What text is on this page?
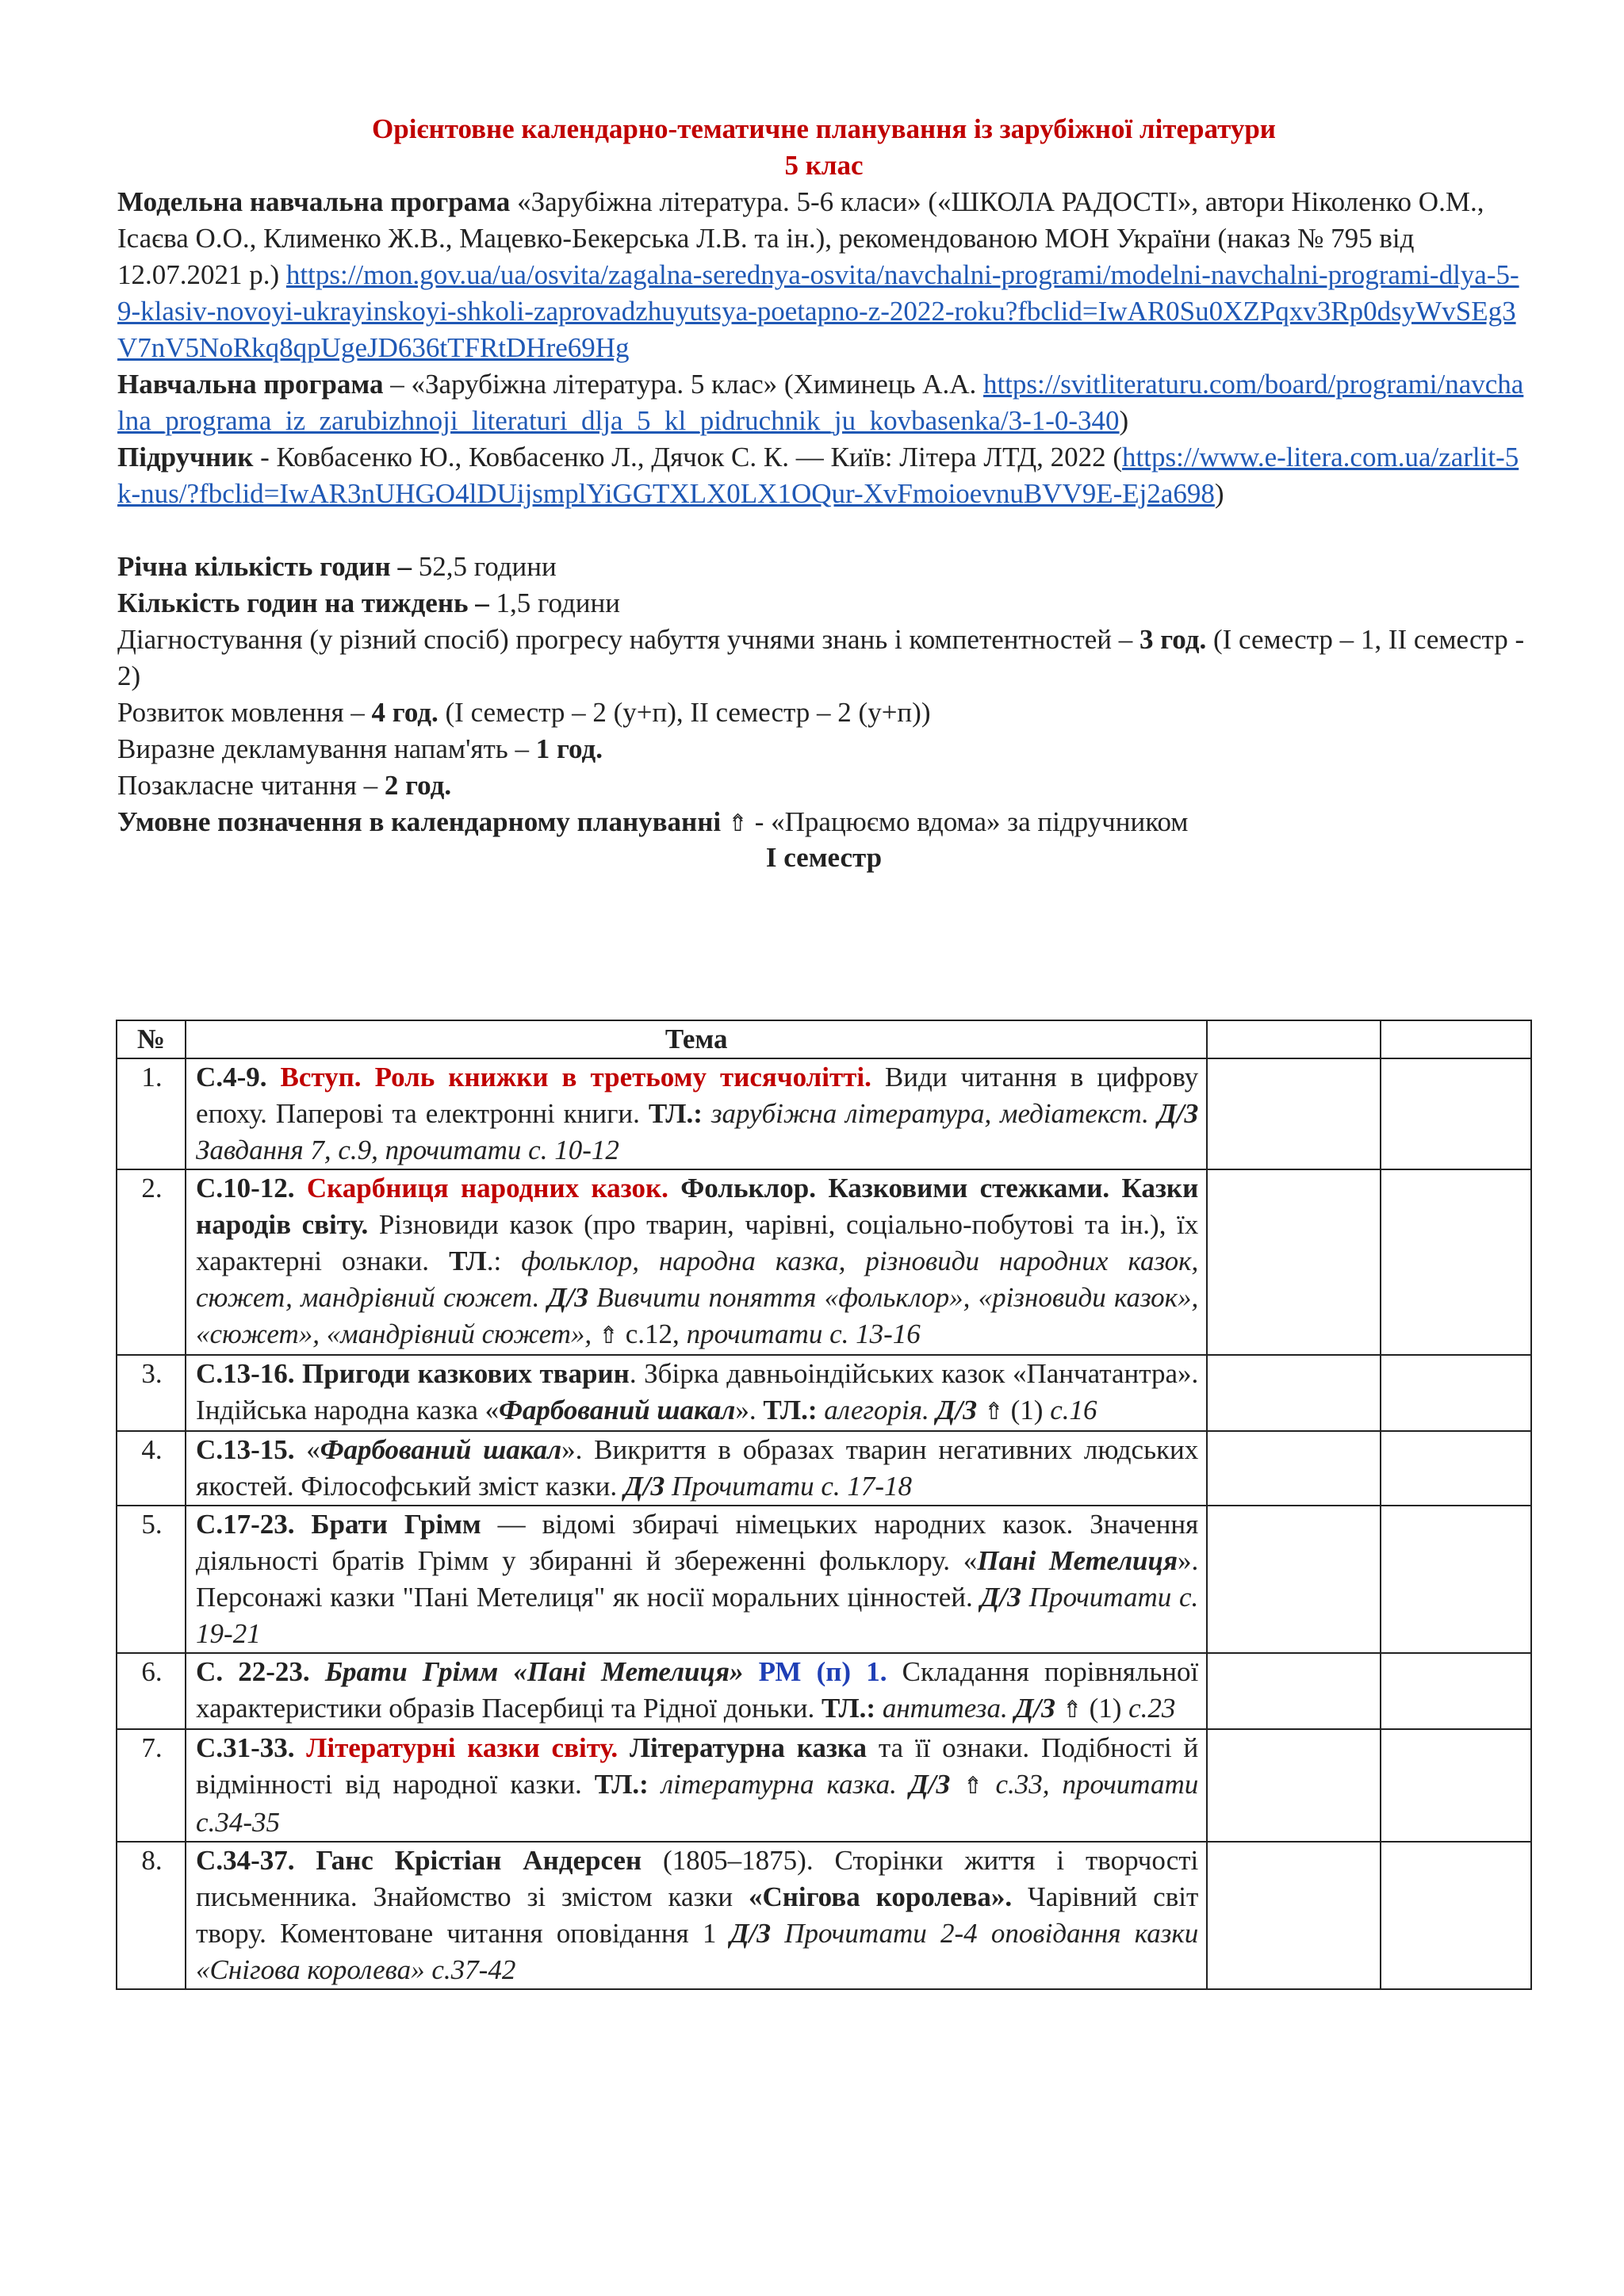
Орієнтовне календарно-тематичне планування із зарубіжної літератури
5 клас

Модельна навчальна програма «Зарубіжна література. 5-6 класи» («ШКОЛА РАДОСТІ», автори Ніколенко О.М., Ісаєва О.О., Клименко Ж.В., Мацевко-Бекерська Л.В. та ін.), рекомендованою МОН України (наказ № 795 від 12.07.2021 р.) https://mon.gov.ua/ua/osvita/zagalna-serednya-osvita/navchalni-programi/modelni-navchalni-programi-dlya-5-9-klasiv-novoyi-ukrayinskoyi-shkoli-zaprovadzhuyutsya-poetapno-z-2022-roku?fbclid=IwAR0Su0XZPqxv3Rp0dsyWvSEg3V7nV5NoRkq8qpUgeJD636tTFRtDHre69Hg

Навчальна програма – «Зарубіжна література. 5 клас» (Химинець А.А. https://svitliteraturu.com/board/programi/navchalna_programa_iz_zarubizhnoji_literaturi_dlja_5_kl_pidruchnik_ju_kovbasenka/3-1-0-340)

Підручник - Ковбасенко Ю., Ковбасенко Л., Дячок С. К. — Київ: Літера ЛТД, 2022 (https://www.e-litera.com.ua/zarlit-5k-nus/?fbclid=IwAR3nUHGO4lDUijsmplYiGGTXLX0LX1OQur-XvFmoioevnuBVV9E-Ej2a698)

Річна кількість годин – 52,5 години

Кількість годин на тиждень – 1,5 години

Діагностування (у різний спосіб) прогресу набуття учнями знань і компетентностей – 3 год. (I семестр – 1, II семестр - 2)

Розвиток мовлення – 4 год. (I семестр – 2 (у+п), II семестр – 2 (у+п))

Виразне декламування напам'ять – 1 год.

Позакласне читання – 2 год.

Умовне позначення в календарному плануванні ⇮ - «Працюємо вдома» за підручником

І семестр
№	Тема		
1.	С.4-9. Вступ. Роль книжки в третьому тисячолітті. Види читання в цифрову епоху. Паперові та електронні книги. ТЛ.: зарубіжна література, медіатекст. Д/З Завдання 7, с.9, прочитати с. 10-12		
2.	С.10-12. Скарбниця народних казок. Фольклор. Казковими стежками. Казки народів світу. Різновиди казок (про тварин, чарівні, соціально-побутові та ін.), їх характерні ознаки. ТЛ.: фольклор, народна казка, різновиди народних казок, сюжет, мандрівний сюжет. Д/З Вивчити поняття «фольклор», «різновиди казок», «сюжет», «мандрівний сюжет», ⇮ с.12, прочитати с. 13-16		
3.	С.13-16. Пригоди казкових тварин. Збірка давньоіндійських казок «Панчатантра». Індійська народна казка «Фарбований шакал». ТЛ.: алегорія. Д/З ⇮ (1) с.16		
4.	С.13-15. «Фарбований шакал». Викриття в образах тварин негативних людських якостей. Філософський зміст казки. Д/З Прочитати с. 17-18		
5.	С.17-23. Брати Грімм — відомі збирачі німецьких народних казок. Значення діяльності братів Грімм у збиранні й збереженні фольклору. «Пані Метелиця». Персонажі казки "Пані Метелиця" як носії моральних цінностей. Д/З Прочитати с. 19-21		
6.	С. 22-23. Брати Грімм «Пані Метелиця» РМ (п) 1. Складання порівняльної характеристики образів Пасербиці та Рідної доньки. ТЛ.: антитеза. Д/З ⇮ (1) с.23		
7.	С.31-33. Літературні казки світу. Літературна казка та її ознаки. Подібності й відмінності від народної казки. ТЛ.: літературна казка. Д/З ⇮ с.33, прочитати с.34-35		
8.	С.34-37. Ганс Крістіан Андерсен (1805–1875). Сторінки життя і творчості письменника. Знайомство зі змістом казки «Снігова королева». Чарівний світ твору. Коментоване читання оповідання 1 Д/З Прочитати 2-4 оповідання казки «Снігова королева» с.37-42		
